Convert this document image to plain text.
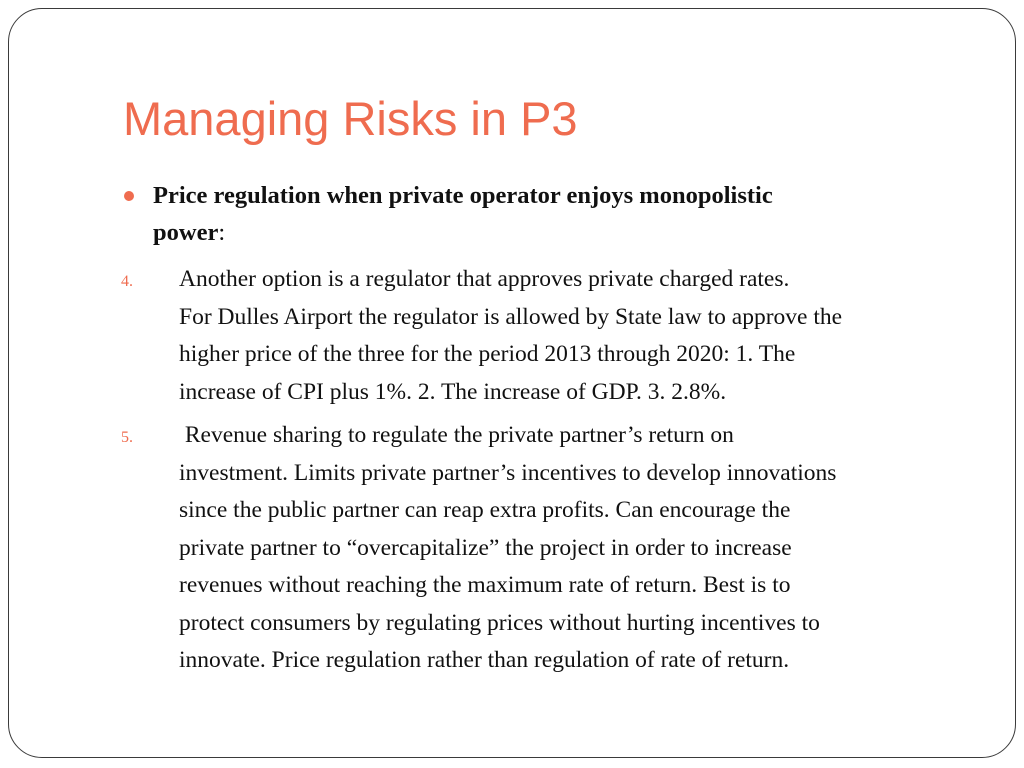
Managing Risks in P3
Price regulation when private operator enjoys monopolistic
power:
4. Another option is a regulator that approves private charged rates.
For Dulles Airport the regulator is allowed by State law to approve the
higher price of the three for the period 2013 through 2020: 1. The
increase of CPI plus 1%. 2. The increase of GDP. 3. 2.8%.
5. Revenue sharing to regulate the private partner’s return on
investment. Limits private partner’s incentives to develop innovations
since the public partner can reap extra profits. Can encourage the
private partner to “overcapitalize” the project in order to increase
revenues without reaching the maximum rate of return. Best is to
protect consumers by regulating prices without hurting incentives to
innovate. Price regulation rather than regulation of rate of return.
